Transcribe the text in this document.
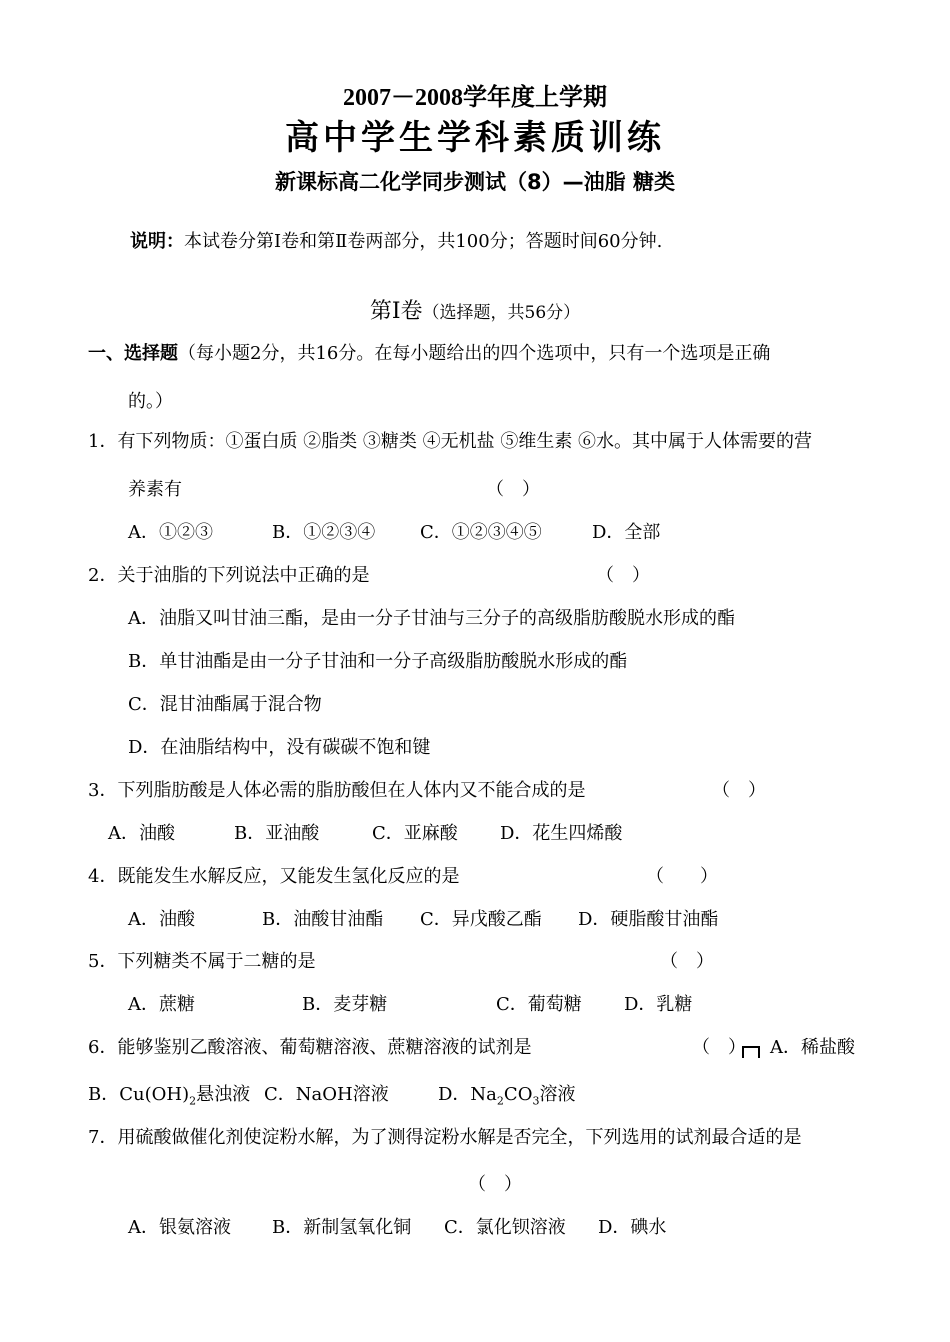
2007－2008学年度上学期
高中学生学科素质训练
新课标高二化学同步测试（8）—油脂 糖类
说明：本试卷分第Ⅰ卷和第Ⅱ卷两部分，共100分；答题时间60分钟.
第Ⅰ卷（选择题，共56分）
一、选择题（每小题2分，共16分。在每小题给出的四个选项中，只有一个选项是正确
的。）
1．有下列物质：①蛋白质 ②脂类 ③糖类 ④无机盐 ⑤维生素 ⑥水。其中属于人体需要的营
养素有	（　）
A．①②③	B．①②③④ C．①②③④⑤	D．全部
2．关于油脂的下列说法中正确的是	（　）
A．油脂又叫甘油三酯，是由一分子甘油与三分子的高级脂肪酸脱水形成的酯
B．单甘油酯是由一分子甘油和一分子高级脂肪酸脱水形成的酯
C．混甘油酯属于混合物
D．在油脂结构中，没有碳碳不饱和键
3．下列脂肪酸是人体必需的脂肪酸但在人体内又不能合成的是	（　）
A．油酸	B．亚油酸	C．亚麻酸 D．花生四烯酸
4．既能发生水解反应，又能发生氢化反应的是	（　　）
A．油酸	B．油酸甘油酯 C．异戊酸乙酯 D．硬脂酸甘油酯
5．下列糖类不属于二糖的是	（　）
A．蔗糖	B．麦芽糖	C．葡萄糖 D．乳糖
6．能够鉴别乙酸溶液、葡萄糖溶液、蔗糖溶液的试剂是	（　） A．稀盐酸
B．$Cu(OH)_2$悬浊液 C．NaOH溶液	D．$Na_2CO_3$溶液
7．用硫酸做催化剂使淀粉水解，为了测得淀粉水解是否完全，下列选用的试剂最合适的是
（　）
A．银氨溶液 B．新制氢氧化铜 C．氯化钡溶液 D．碘水
